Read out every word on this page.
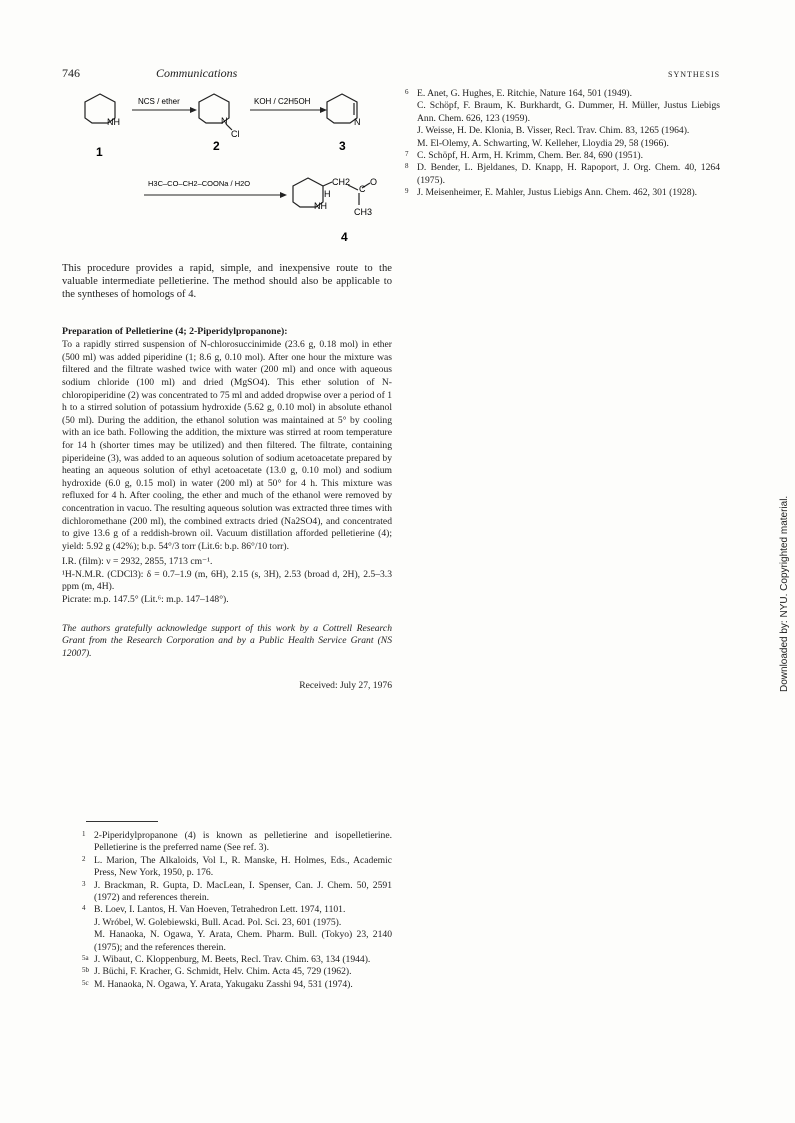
746	Communications	SYNTHESIS
NH
NCS / ether
N
Cl
KOH / C2H5OH
N
1	2	3
H3C–CO–CH2–COONa / H2O	CH2
C
O
H
NH
CH3
4

This procedure provides a rapid, simple, and inexpensive route to the valuable intermediate pelletierine. The method should also be applicable to the syntheses of homologs of 4.

Preparation of Pelletierine (4; 2-Piperidylpropanone):

To a rapidly stirred suspension of N-chlorosuccinimide (23.6 g, 0.18 mol) in ether (500 ml) was added piperidine (1; 8.6 g, 0.10 mol). After one hour the mixture was filtered and the filtrate washed twice with water (200 ml) and once with aqueous sodium chloride (100 ml) and dried (MgSO4). This ether solution of N-chloropiperidine (2) was concentrated to 75 ml and added dropwise over a period of 1 h to a stirred solution of potassium hydroxide (5.62 g, 0.10 mol) in absolute ethanol (50 ml). During the addition, the ethanol solution was maintained at 5° by cooling with an ice bath. Following the addition, the mixture was stirred at room temperature for 14 h (shorter times may be utilized) and then filtered. The filtrate, containing piperideine (3), was added to an aqueous solution of sodium acetoacetate prepared by heating an aqueous solution of ethyl acetoacetate (13.0 g, 0.10 mol) and sodium hydroxide (6.0 g, 0.15 mol) in water (200 ml) at 50° for 4 h. This mixture was refluxed for 4 h. After cooling, the ether and much of the ethanol were removed by concentration in vacuo. The resulting aqueous solution was extracted three times with dichloromethane (200 ml), the combined extracts dried (Na2SO4), and concentrated to give 13.6 g of a reddish-brown oil. Vacuum distillation afforded pelletierine (4); yield: 5.92 g (42%); b.p. 54°/3 torr (Lit.6: b.p. 86°/10 torr).

I.R. (film): ν = 2932, 2855, 1713 cm⁻¹.

¹H-N.M.R. (CDCl3): δ = 0.7–1.9 (m, 6H), 2.15 (s, 3H), 2.53 (broad d, 2H), 2.5–3.3 ppm (m, 4H).

Picrate: m.p. 147.5° (Lit.⁶: m.p. 147–148°).

The authors gratefully acknowledge support of this work by a Cottrell Research Grant from the Research Corporation and by a Public Health Service Grant (NS 12007).

Received: July 27, 1976

1 2-Piperidylpropanone (4) is known as pelletierine and isopelletierine. Pelletierine is the preferred name (See ref. 3).

2 L. Marion, The Alkaloids, Vol I., R. Manske, H. Holmes, Eds., Academic Press, New York, 1950, p. 176.

3 J. Brackman, R. Gupta, D. MacLean, I. Spenser, Can. J. Chem. 50, 2591 (1972) and references therein.

4 B. Loev, I. Lantos, H. Van Hoeven, Tetrahedron Lett. 1974, 1101.

J. Wróbel, W. Golebiewski, Bull. Acad. Pol. Sci. 23, 601 (1975).

M. Hanaoka, N. Ogawa, Y. Arata, Chem. Pharm. Bull. (Tokyo) 23, 2140 (1975); and the references therein.

5a J. Wibaut, C. Kloppenburg, M. Beets, Recl. Trav. Chim. 63, 134 (1944).

5b J. Büchi, F. Kracher, G. Schmidt, Helv. Chim. Acta 45, 729 (1962).

5c M. Hanaoka, N. Ogawa, Y. Arata, Yakugaku Zasshi 94, 531 (1974).

6 E. Anet, G. Hughes, E. Ritchie, Nature 164, 501 (1949).

C. Schöpf, F. Braum, K. Burkhardt, G. Dummer, H. Müller, Justus Liebigs Ann. Chem. 626, 123 (1959).

J. Weisse, H. De. Klonia, B. Visser, Recl. Trav. Chim. 83, 1265 (1964).

M. El-Olemy, A. Schwarting, W. Kelleher, Lloydia 29, 58 (1966).

7 C. Schöpf, H. Arm, H. Krimm, Chem. Ber. 84, 690 (1951).

8 D. Bender, L. Bjeldanes, D. Knapp, H. Rapoport, J. Org. Chem. 40, 1264 (1975).

9 J. Meisenheimer, E. Mahler, Justus Liebigs Ann. Chem. 462, 301 (1928).

Downloaded by: NYU. Copyrighted material.
